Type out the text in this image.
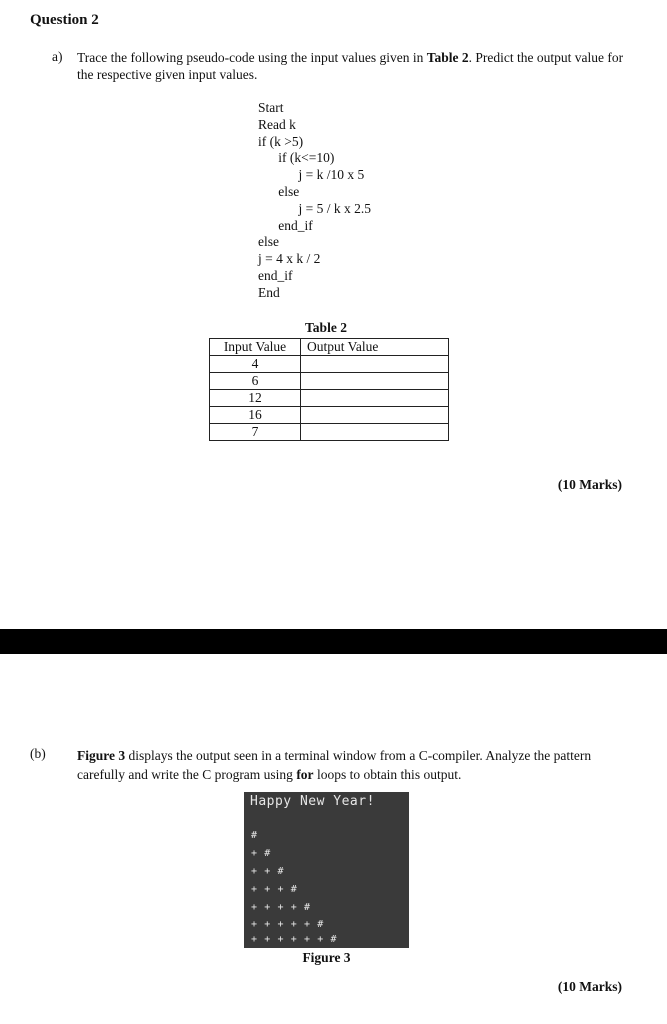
Question 2
a) Trace the following pseudo-code using the input values given in Table 2. Predict the output value for the respective given input values.
Start
Read k
if (k >5)
if (k<=10)
j = k /10 x 5
else
j = 5 / k x 2.5
end_if
else
j = 4 x k / 2
end_if
End
Table 2
Input Value	Output Value
4	
6	
12	
16	
7	
(10 Marks)
(b) Figure 3 displays the output seen in a terminal window from a C-compiler. Analyze the pattern carefully and write the C program using for loops to obtain this output.
Happy New Year!
#
+ #
+ + #
+ + + #
+ + + + #
+ + + + + #
+ + + + + + #
Figure 3
(10 Marks)
